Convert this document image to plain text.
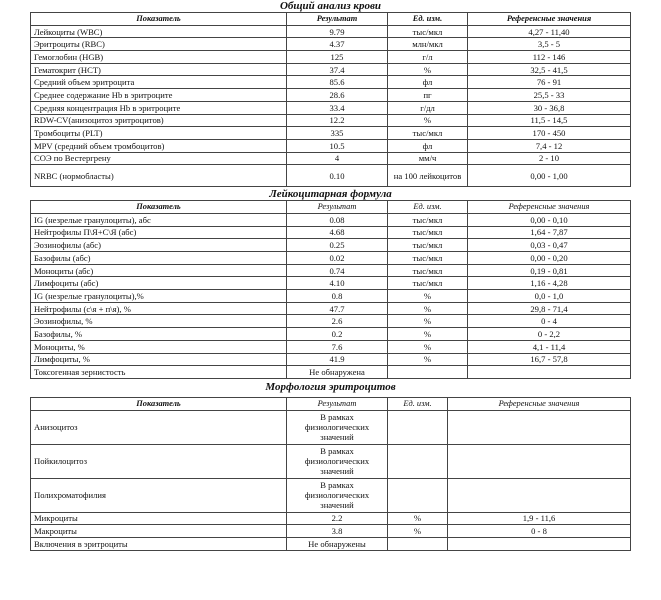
Общий анализ крови
Показатель	Результат	Ед. изм.	Референсные значения
Лейкоциты (WBC)	9.79	тыс/мкл	4,27 - 11,40
Эритроциты (RBC)	4.37	млн/мкл	3,5 - 5
Гемоглобин (HGB)	125	г/л	112 - 146
Гематокрит (HCT)	37.4	%	32,5 - 41,5
Средний объем эритроцита	85.6	фл	76 - 91
Среднее содержание Hb в эритроците	28.6	пг	25,5 - 33
Средняя концентрация Hb в эритроците	33.4	г/дл	30 - 36,8
RDW-CV(анизоцитоз эритроцитов)	12.2	%	11,5 - 14,5
Тромбоциты (PLT)	335	тыс/мкл	170 - 450
MPV (средний объем тромбоцитов)	10.5	фл	7,4 - 12
СОЭ по Вестергрену	4	мм/ч	2 - 10
NRBC (нормобласты)	0.10	на 100 лейкоцитов	0,00 - 1,00
Лейкоцитарная формула
Показатель	Результат	Ед. изм.	Референсные значения
IG (незрелые гранулоциты), абс	0.08	тыс/мкл	0,00 - 0,10
Нейтрофилы П\Я+С\Я (абс)	4.68	тыс/мкл	1,64 - 7,87
Эозинофилы (абс)	0.25	тыс/мкл	0,03 - 0,47
Базофилы (абс)	0.02	тыс/мкл	0,00 - 0,20
Моноциты (абс)	0.74	тыс/мкл	0,19 - 0,81
Лимфоциты (абс)	4.10	тыс/мкл	1,16 - 4,28
IG (незрелые гранулоциты),%	0.8	%	0,0 - 1,0
Нейтрофилы (с\я + п\я), %	47.7	%	29,8 - 71,4
Эозинофилы, %	2.6	%	0 - 4
Базофилы, %	0.2	%	0 - 2,2
Моноциты, %	7.6	%	4,1 - 11,4
Лимфоциты, %	41.9	%	16,7 - 57,8
Токсогенная зернистость	Не обнаружена		
Морфология эритроцитов
Показатель	Результат	Ед. изм.	Референсные значения
Анизоцитоз	В рамках физиологических значений		
Пойкилоцитоз	В рамках физиологических значений		
Полихроматофилия	В рамках физиологических значений		
Микроциты	2.2	%	1,9 - 11,6
Макроциты	3.8	%	0 - 8
Включения в эритроциты	Не обнаружены		
